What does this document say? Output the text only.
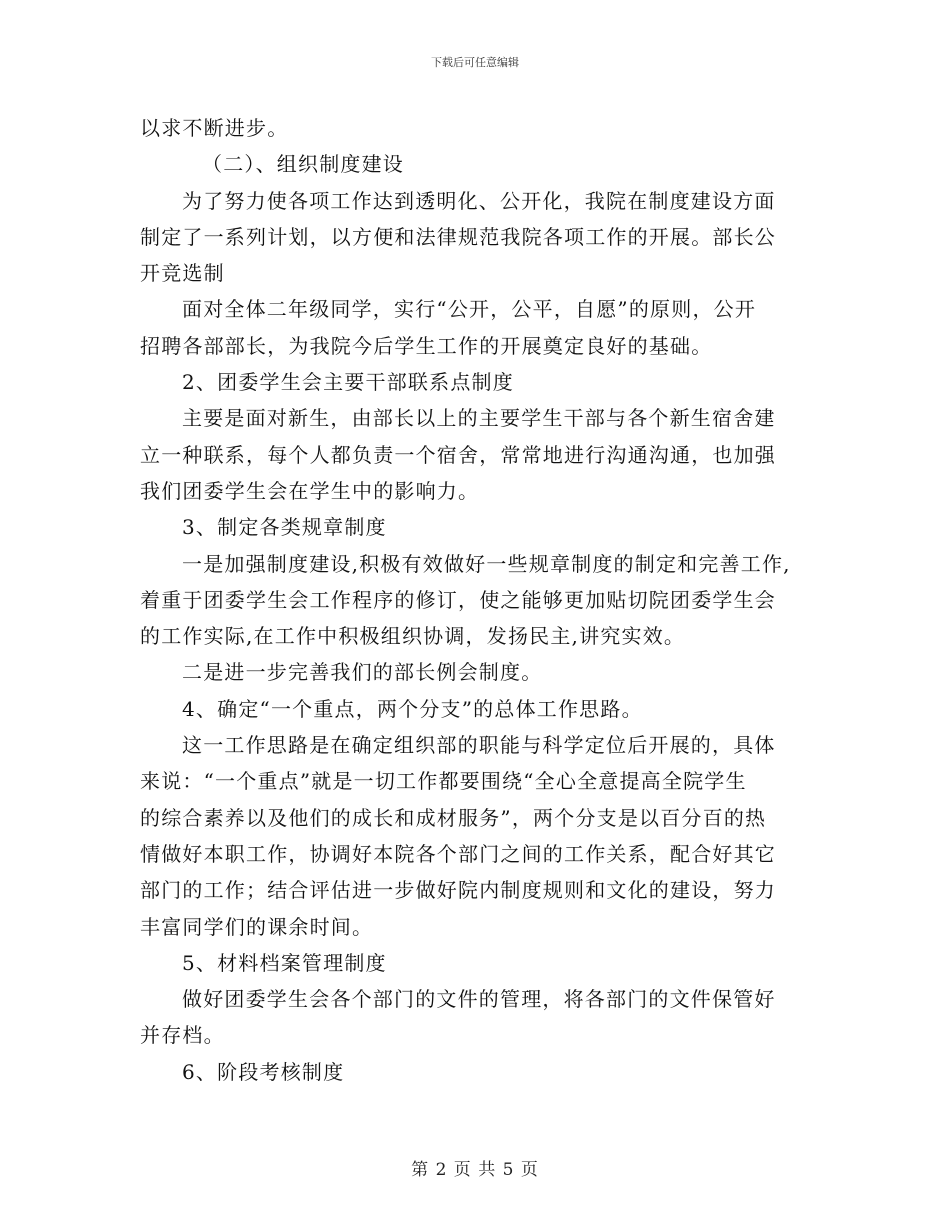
下载后可任意编辑
以求不断进步。
（二）、组织制度建设
为了努力使各项工作达到透明化、公开化，我院在制度建设方面
制定了一系列计划，以方便和法律规范我院各项工作的开展。部长公
开竞选制
面对全体二年级同学，实行“公开，公平，自愿”的原则，公开
招聘各部部长，为我院今后学生工作的开展奠定良好的基础。
2、团委学生会主要干部联系点制度
主要是面对新生，由部长以上的主要学生干部与各个新生宿舍建
立一种联系，每个人都负责一个宿舍，常常地进行沟通沟通，也加强
我们团委学生会在学生中的影响力。
3、制定各类规章制度
一是加强制度建设,积极有效做好一些规章制度的制定和完善工作,
着重于团委学生会工作程序的修订，使之能够更加贴切院团委学生会
的工作实际,在工作中积极组织协调，发扬民主,讲究实效。
二是进一步完善我们的部长例会制度。
4、确定“一个重点，两个分支”的总体工作思路。
这一工作思路是在确定组织部的职能与科学定位后开展的，具体
来说：“一个重点”就是一切工作都要围绕“全心全意提高全院学生
的综合素养以及他们的成长和成材服务”，两个分支是以百分百的热
情做好本职工作，协调好本院各个部门之间的工作关系，配合好其它
部门的工作；结合评估进一步做好院内制度规则和文化的建设，努力
丰富同学们的课余时间。
5、材料档案管理制度
做好团委学生会各个部门的文件的管理，将各部门的文件保管好
并存档。
6、阶段考核制度
第 2 页 共 5 页
